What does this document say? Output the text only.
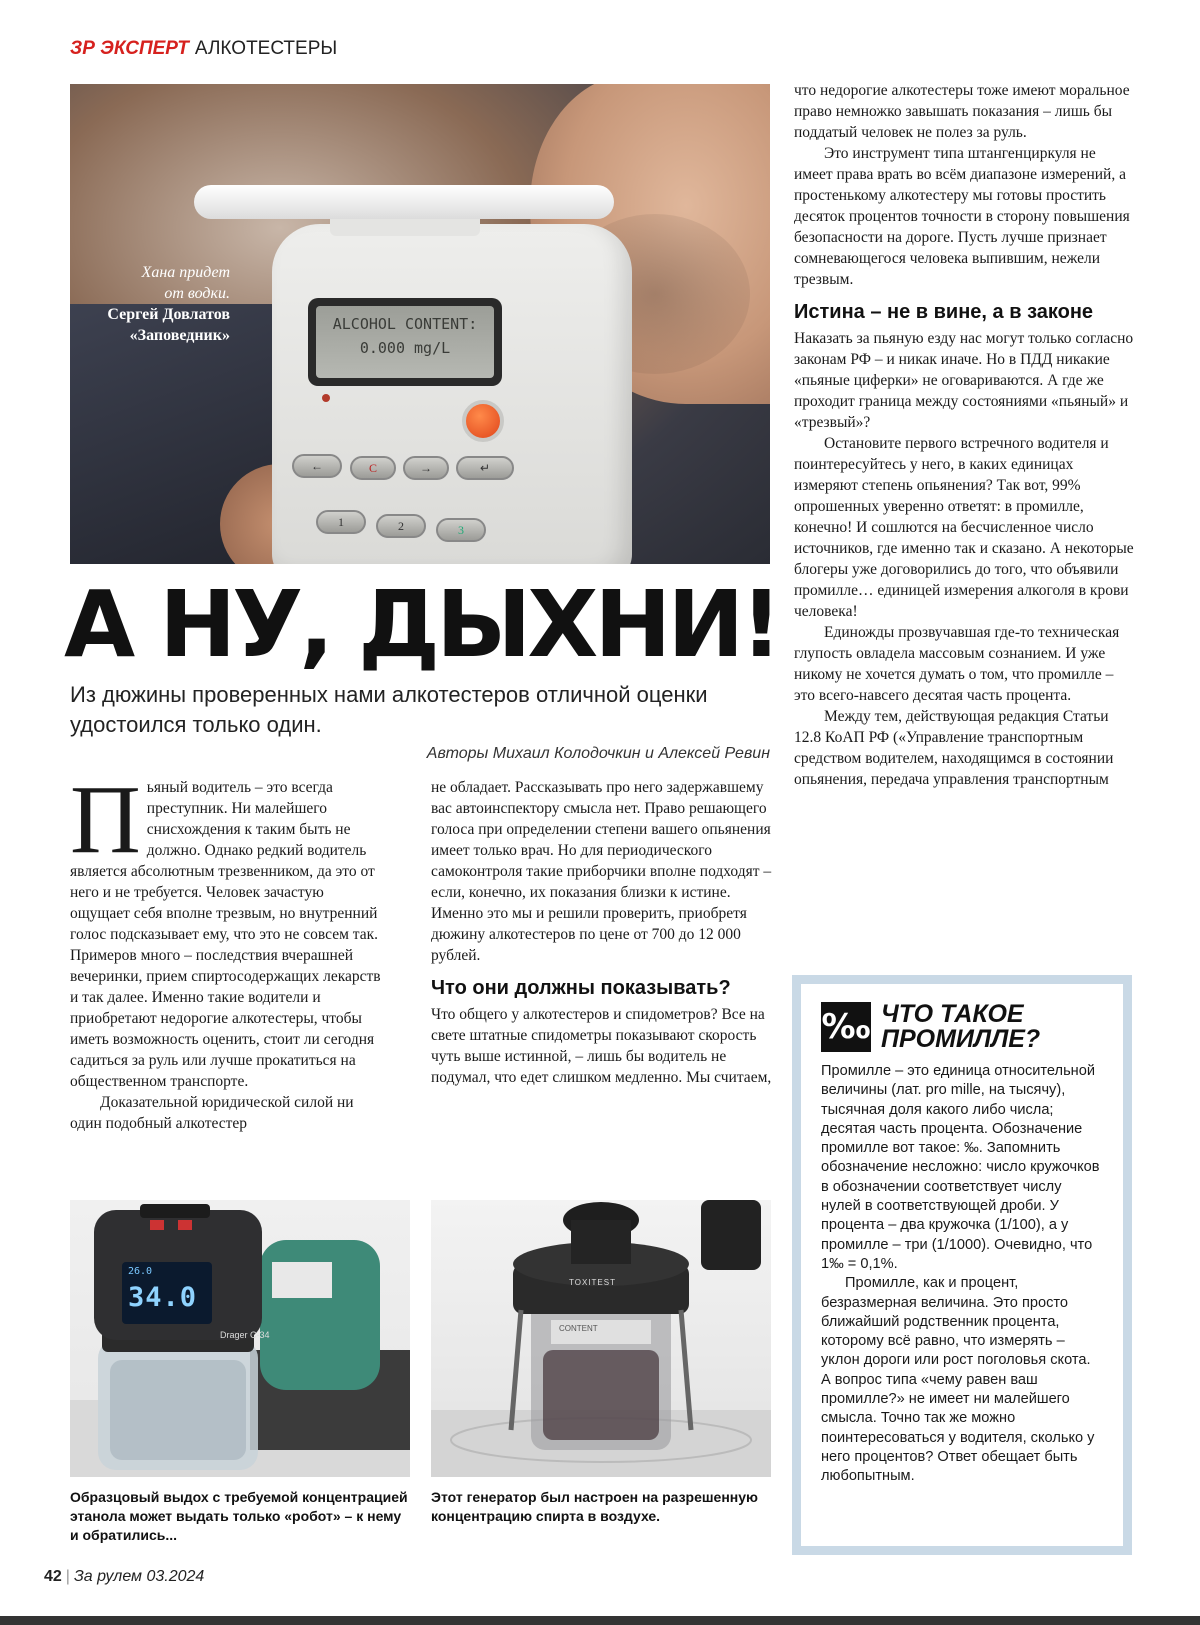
ЗР ЭКСПЕРТ АЛКОТЕСТЕРЫ
ALCOHOL CONTENT:
0.000 mg/L
←	C	→	↵
1	2	3
Хана придет
от водки.
Сергей Довлатов
«Заповедник»
А НУ, ДЫХНИ!
Из дюжины проверенных нами алкотестеров отличной оценки удостоился только один.
Авторы Михаил Колодочкин и Алексей Ревин

Пьяный водитель – это всегда преступник. Ни малейшего снисхождения к таким быть не должно. Однако редкий водитель является абсолютным трезвенником, да это от него и не требуется. Человек зачастую ощущает себя вполне трезвым, но внутренний голос подсказывает ему, что это не совсем так. Примеров много – последствия вчерашней вечеринки, прием спиртосодержащих лекарств и так далее. Именно такие водители и приобретают недорогие алкотестеры, чтобы иметь возможность оценить, стоит ли сегодня садиться за руль или лучше прокатиться на общественном транспорте.

Доказательной юридической силой ни один подобный алкотестер

не обладает. Рассказывать про него задержавшему вас автоинспектору смысла нет. Право решающего голоса при определении степени вашего опьянения имеет только врач. Но для периодического самоконтроля такие приборчики вполне подходят – если, конечно, их показания близки к истине. Именно это мы и решили проверить, приобретя дюжину алкотестеров по цене от 700 до 12 000 рублей.

Что они должны показывать?

Что общего у алкотестеров и спидометров? Все на свете штатные спидометры показывают скорость чуть выше истинной, – лишь бы водитель не подумал, что едет слишком медленно. Мы считаем,

что недорогие алкотестеры тоже имеют моральное право немножко завышать показания – лишь бы поддатый человек не полез за руль.

Это инструмент типа штангенциркуля не имеет права врать во всём диапазоне измерений, а простенькому алкотестеру мы готовы простить десяток процентов точности в сторону повышения безопасности на дороге. Пусть лучше признает сомневающегося человека выпившим, нежели трезвым.

Истина – не в вине, а в законе

Наказать за пьяную езду нас могут только согласно законам РФ – и никак иначе. Но в ПДД никакие «пьяные циферки» не оговариваются. А где же проходит граница между состояниями «пьяный» и «трезвый»?

Остановите первого встречного водителя и поинтересуйтесь у него, в каких единицах измеряют степень опьянения? Так вот, 99% опрошенных уверенно ответят: в промилле, конечно! И сошлются на бесчисленное число источников, где именно так и сказано. А некоторые блогеры уже договорились до того, что объявили промилле… единицей измерения алкоголя в крови человека!

Единожды прозвучавшая где-то техническая глупость овладела массовым сознанием. И уже никому не хочется думать о том, что промилле – это всего-навсего десятая часть процента.

Между тем, действующая редакция Статьи 12.8 КоАП РФ («Управление транспортным средством водителем, находящимся в состоянии опьянения, передача управления транспортным

26.0
34.0
Drager C-34
TOXITEST
CONTENT
Образцовый выдох с требуемой концентрацией этанола может выдать только «робот» – к нему и обратились...
Этот генератор был настроен на разрешенную концентрацию спирта в воздухе.
‰ ЧТО ТАКОЕ
ПРОМИЛЛЕ?

Промилле – это единица относительной величины (лат. pro mille, на тысячу), тысячная доля какого либо числа; десятая часть процента. Обозначение промилле вот такое: ‰. Запомнить обозначение несложно: число кружочков в обозначении соответствует числу нулей в соответствующей дроби. У процента – два кружочка (1/100), а у промилле – три (1/1000). Очевидно, что 1‰ = 0,1%.

Промилле, как и процент, безразмерная величина. Это просто ближайший родственник процента, которому всё равно, что измерять – уклон дороги или рост поголовья скота. А вопрос типа «чему равен ваш промилле?» не имеет ни малейшего смысла. Точно так же можно поинтересоваться у водителя, сколько у него процентов? Ответ обещает быть любопытным.

42 | За рулем 03.2024
